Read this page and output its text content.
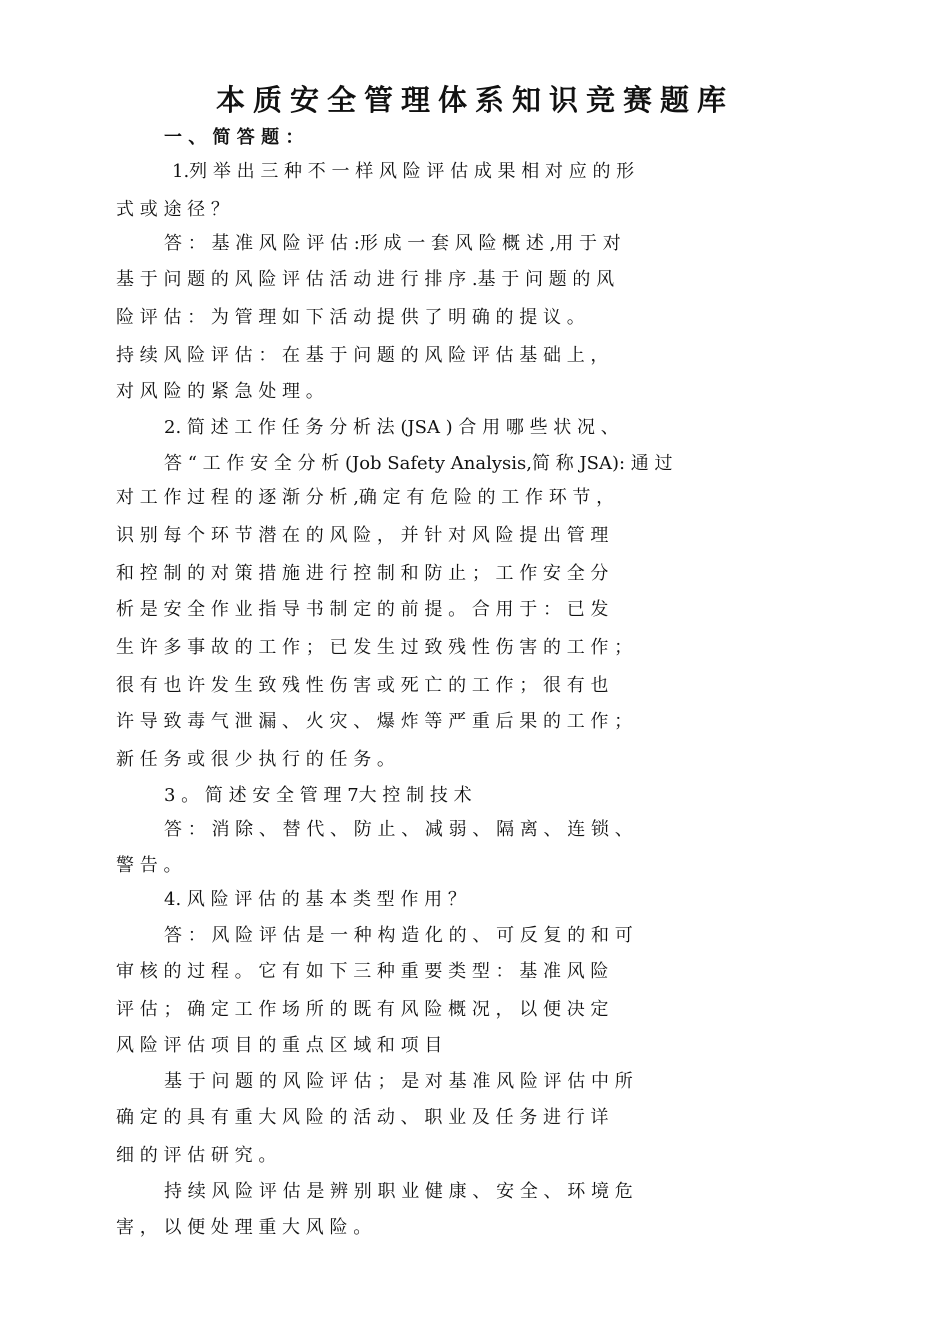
本质安全管理体系知识竞赛题库
一 、 简 答 题 ：
1.列 举 出 三 种 不 一 样 风 险 评 估 成 果 相 对 应 的 形
式 或 途 径 ？
答 ： 基 准 风 险 评 估 :形 成 一 套 风 险 概 述 ,用 于 对
基 于 问 题 的 风 险 评 估 活 动 进 行 排 序 .基 于 问 题 的 风
险 评 估 ： 为 管 理 如 下 活 动 提 供 了 明 确 的 提 议 。
持 续 风 险 评 估 ： 在 基 于 问 题 的 风 险 评 估 基 础 上 ，
对 风 险 的 紧 急 处 理 。
2. 简 述 工 作 任 务 分 析 法 (JSA ) 合 用 哪 些 状 况 、
答 “ 工 作 安 全 分 析 (Job Safety Analysis,简 称 JSA): 通 过
对 工 作 过 程 的 逐 渐 分 析 ,确 定 有 危 险 的 工 作 环 节 ，
识 别 每 个 环 节 潜 在 的 风 险 ， 并 针 对 风 险 提 出 管 理
和 控 制 的 对 策 措 施 进 行 控 制 和 防 止 ； 工 作 安 全 分
析 是 安 全 作 业 指 导 书 制 定 的 前 提 。 合 用 于 ： 已 发
生 许 多 事 故 的 工 作 ； 已 发 生 过 致 残 性 伤 害 的 工 作 ；
很 有 也 许 发 生 致 残 性 伤 害 或 死 亡 的 工 作 ； 很 有 也
许 导 致 毒 气 泄 漏 、 火 灾 、 爆 炸 等 严 重 后 果 的 工 作 ；
新 任 务 或 很 少 执 行 的 任 务 。
3 。 简 述 安 全 管 理 7大 控 制 技 术
答 ： 消 除 、 替 代 、 防 止 、 减 弱 、 隔 离 、 连 锁 、
警 告 。
4. 风 险 评 估 的 基 本 类 型 作 用 ？
答 ： 风 险 评 估 是 一 种 构 造 化 的 、 可 反 复 的 和 可
审 核 的 过 程 。 它 有 如 下 三 种 重 要 类 型 ： 基 准 风 险
评 估 ； 确 定 工 作 场 所 的 既 有 风 险 概 况 ， 以 便 决 定
风 险 评 估 项 目 的 重 点 区 域 和 项 目
基 于 问 题 的 风 险 评 估 ； 是 对 基 准 风 险 评 估 中 所
确 定 的 具 有 重 大 风 险 的 活 动 、 职 业 及 任 务 进 行 详
细 的 评 估 研 究 。
持 续 风 险 评 估 是 辨 别 职 业 健 康 、 安 全 、 环 境 危
害 ， 以 便 处 理 重 大 风 险 。
